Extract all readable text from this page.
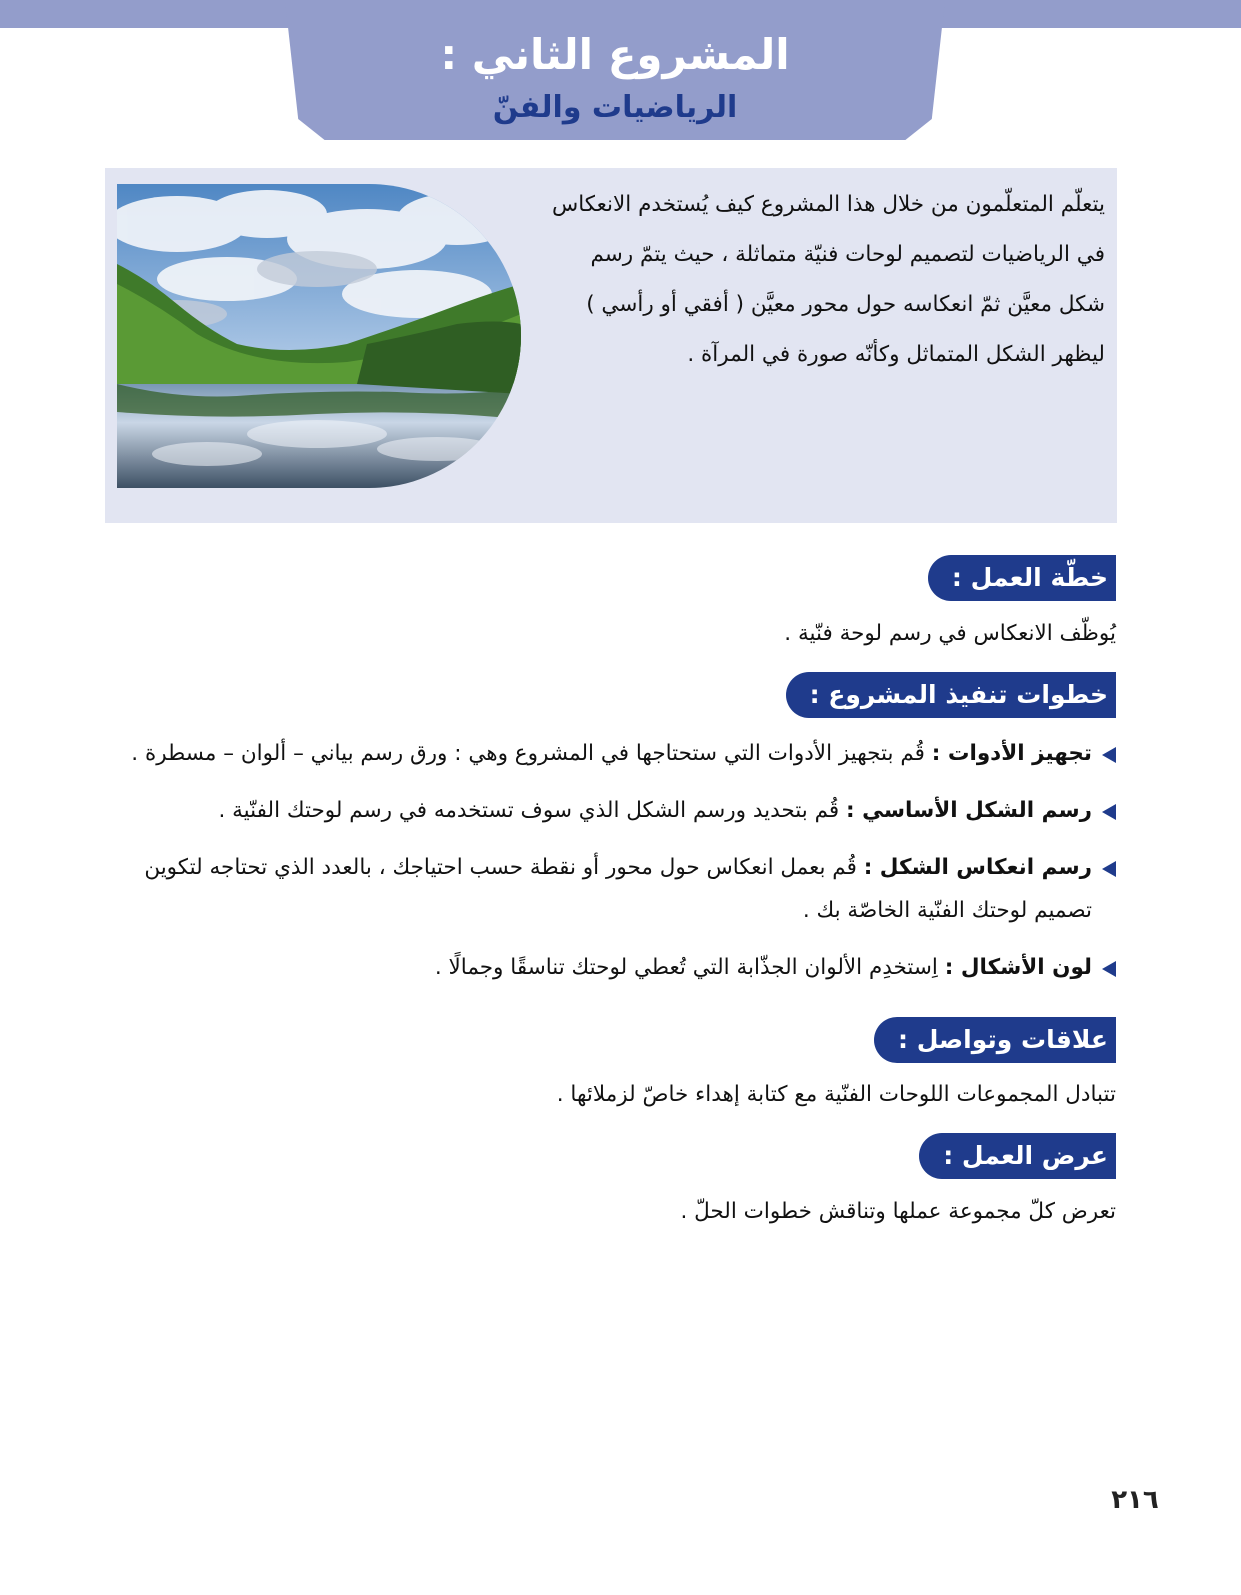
المشروع الثاني :
الرياضيات والفنّ
يتعلّم المتعلّمون من خلال هذا المشروع كيف يُستخدم الانعكاس في الرياضيات لتصميم لوحات فنيّة متماثلة ، حيث يتمّ رسم شكل معيَّن ثمّ انعكاسه حول محور معيَّن ( أفقي أو رأسي ) ليظهر الشكل المتماثل وكأنّه صورة في المرآة .
خطّة العمل :
يُوظّف الانعكاس في رسم لوحة فنّية .
خطوات تنفيذ المشروع :
تجهيز الأدوات : قُم بتجهيز الأدوات التي ستحتاجها في المشروع وهي : ورق رسم بياني – ألوان – مسطرة .
رسم الشكل الأساسي : قُم بتحديد ورسم الشكل الذي سوف تستخدمه في رسم لوحتك الفنّية .
رسم انعكاس الشكل : قُم بعمل انعكاس حول محور أو نقطة حسب احتياجك ، بالعدد الذي تحتاجه لتكوين تصميم لوحتك الفنّية الخاصّة بك .
لون الأشكال : اِستخدِم الألوان الجذّابة التي تُعطي لوحتك تناسقًا وجمالًا .
علاقات وتواصل :
تتبادل المجموعات اللوحات الفنّية مع كتابة إهداء خاصّ لزملائها .
عرض العمل :
تعرض كلّ مجموعة عملها وتناقش خطوات الحلّ .
٢١٦
